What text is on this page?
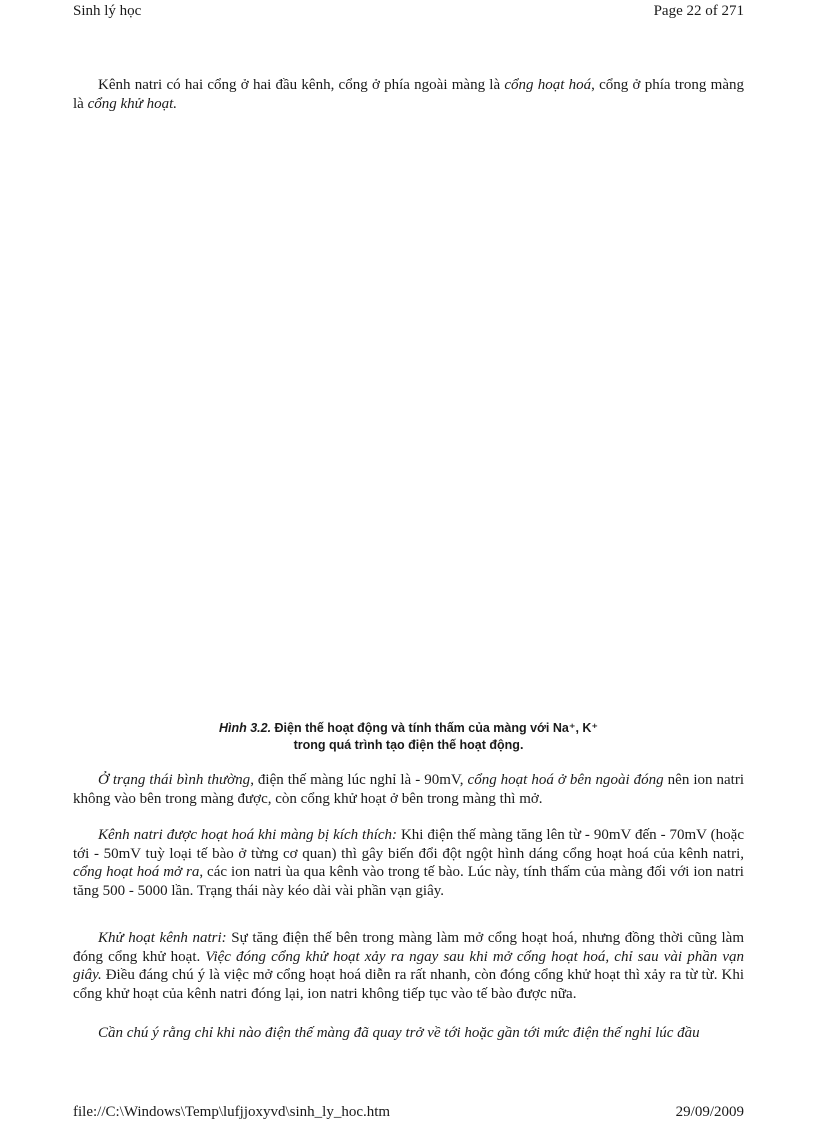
Sinh lý học	Page 22 of 271

Kênh natri có hai cổng ở hai đầu kênh, cổng ở phía ngoài màng là cổng hoạt hoá, cổng ở phía trong màng là cổng khử hoạt.

Hình 3.2. Điện thế hoạt động và tính thấm của màng với Na⁺, K⁺
trong quá trình tạo điện thế hoạt động.

Ở trạng thái bình thường, điện thế màng lúc nghỉ là - 90mV, cổng hoạt hoá ở bên ngoài đóng nên ion natri không vào bên trong màng được, còn cổng khử hoạt ở bên trong màng thì mở.

Kênh natri được hoạt hoá khi màng bị kích thích: Khi điện thế màng tăng lên từ - 90mV đến - 70mV (hoặc tới - 50mV tuỳ loại tế bào ở từng cơ quan) thì gây biến đổi đột ngột hình dáng cổng hoạt hoá của kênh natri, cổng hoạt hoá mở ra, các ion natri ùa qua kênh vào trong tế bào. Lúc này, tính thấm của màng đối với ion natri tăng 500 - 5000 lần. Trạng thái này kéo dài vài phần vạn giây.

Khử hoạt kênh natri: Sự tăng điện thế bên trong màng làm mở cổng hoạt hoá, nhưng đồng thời cũng làm đóng cổng khử hoạt. Việc đóng cổng khử hoạt xảy ra ngay sau khi mở cổng hoạt hoá, chỉ sau vài phần vạn giây. Điều đáng chú ý là việc mở cổng hoạt hoá diễn ra rất nhanh, còn đóng cổng khử hoạt thì xảy ra từ từ. Khi cổng khử hoạt của kênh natri đóng lại, ion natri không tiếp tục vào tế bào được nữa.

Cần chú ý rằng chỉ khi nào điện thế màng đã quay trở về tới hoặc gần tới mức điện thế nghỉ lúc đầu

file://C:\Windows\Temp\lufjjoxyvd\sinh_ly_hoc.htm	29/09/2009
